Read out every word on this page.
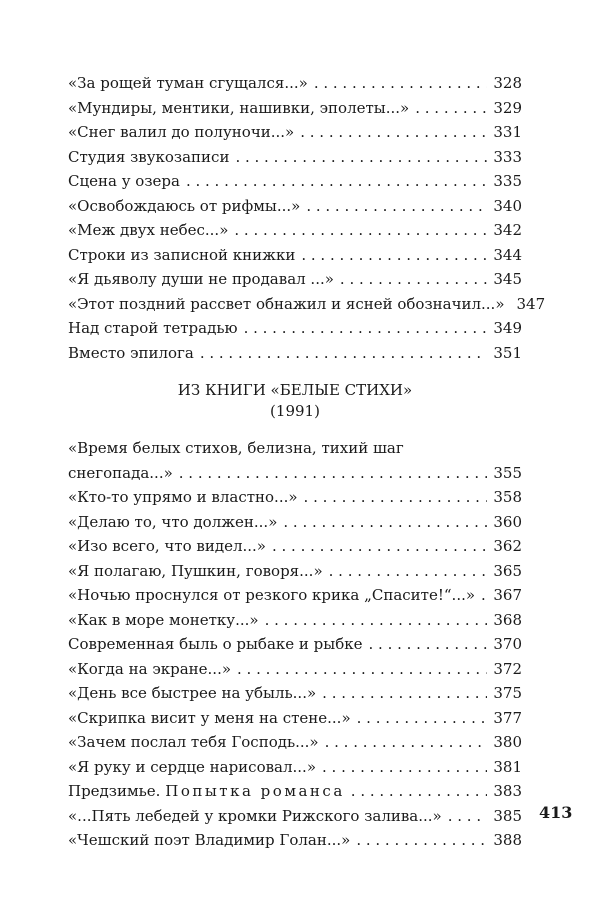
«За рощей туман сгущался...» . . .	328
«Мундиры, ментики, нашивки, эполеты...» . . .	329
«Снег валил до полуночи...» . . .	331
Студия звукозаписи . . .	333
Сцена у озера . . .	335
«Освобождаюсь от рифмы...» . . .	340
«Меж двух небес...» . . .	342
Строки из записной книжки . . .	344
«Я дьяволу души не продавал ...» . . .	345
«Этот поздний рассвет обнажил и ясней обозначил...» 347
Над старой тетрадью . . .	349
Вместо эпилога . . .	351
ИЗ КНИГИ «БЕЛЫЕ СТИХИ»
(1991)
«Время белых стихов, белизна, тихий шаг
снегопада...» . . .	355
«Кто-то упрямо и властно...» . . .	358
«Делаю то, что должен...» . . .	360
«Изо всего, что видел...» . . .	362
«Я полагаю, Пушкин, говоря...» . . .	365
«Ночью проснулся от резкого крика „Спасите!“...» . . . 367
«Как в море монетку...» . . .	368
Современная быль о рыбаке и рыбке . . .	370
«Когда на экране...» . . .	372
«День все быстрее на убыль...» . . .	375
«Скрипка висит у меня на стене...» . . .	377
«Зачем послал тебя Господь...» . . .	380
«Я руку и сердце нарисовал...» . . .	381
Предзимье. Попытка романса . . .	383
«...Пять лебедей у кромки Рижского залива...» . . .	385
«Чешский поэт Владимир Голан...» . . .	388
413
